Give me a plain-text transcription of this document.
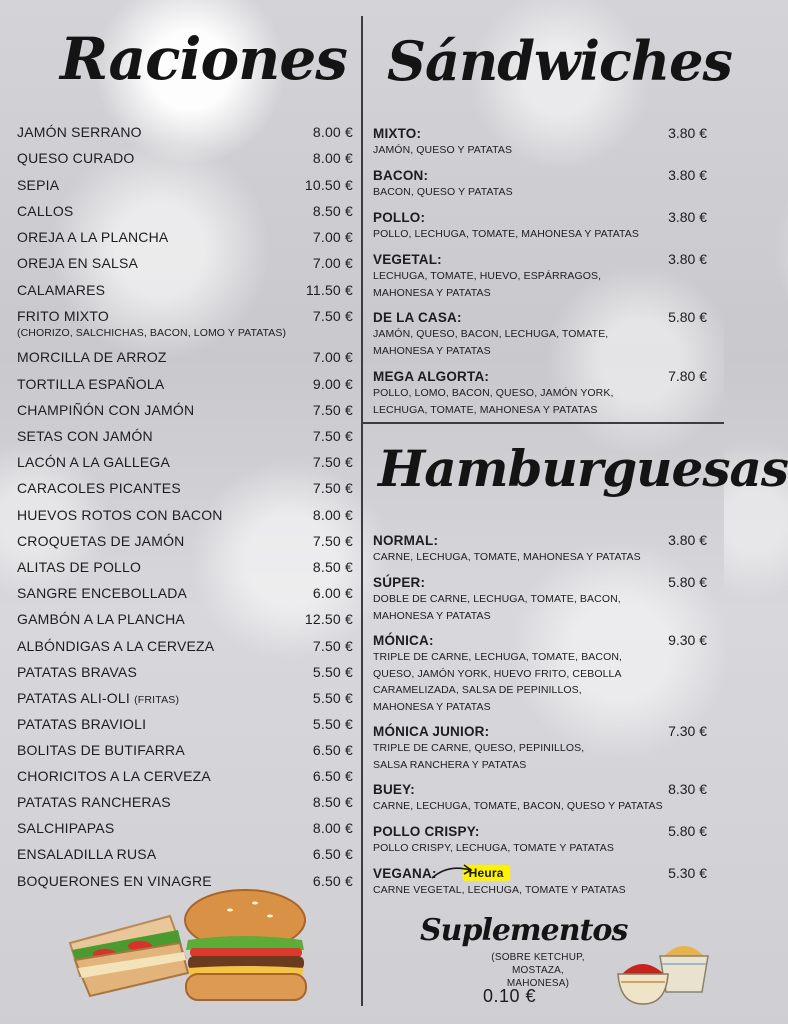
Raciones Sándwiches
Hamburguesas
Suplementos
JAMÓN SERRANO	8.00 €
QUESO CURADO	8.00 €
SEPIA	10.50 €
CALLOS	8.50 €
OREJA A LA PLANCHA	7.00 €
OREJA EN SALSA	7.00 €
CALAMARES	11.50 €
FRITO MIXTO	7.50 €
(CHORIZO, SALCHICHAS, BACON, LOMO Y PATATAS)
MORCILLA DE ARROZ	7.00 €
TORTILLA ESPAÑOLA	9.00 €
CHAMPIÑÓN CON JAMÓN	7.50 €
SETAS CON JAMÓN	7.50 €
LACÓN A LA GALLEGA	7.50 €
CARACOLES PICANTES	7.50 €
HUEVOS ROTOS CON BACON	8.00 €
CROQUETAS DE JAMÓN	7.50 €
ALITAS DE POLLO	8.50 €
SANGRE ENCEBOLLADA	6.00 €
GAMBÓN A LA PLANCHA	12.50 €
ALBÓNDIGAS A LA CERVEZA	7.50 €
PATATAS BRAVAS	5.50 €
PATATAS ALI-OLI (FRITAS)	5.50 €
PATATAS BRAVIOLI	5.50 €
BOLITAS DE BUTIFARRA	6.50 €
CHORICITOS A LA CERVEZA	6.50 €
PATATAS RANCHERAS	8.50 €
SALCHIPAPAS	8.00 €
ENSALADILLA RUSA	6.50 €
BOQUERONES EN VINAGRE	6.50 €
MIXTO:	3.80 €
JAMÓN, QUESO Y PATATAS
BACON:	3.80 €
BACON, QUESO Y PATATAS
POLLO:	3.80 €
POLLO, LECHUGA, TOMATE, MAHONESA Y PATATAS
VEGETAL:	3.80 €
LECHUGA, TOMATE, HUEVO, ESPÁRRAGOS, MAHONESA Y PATATAS
DE LA CASA:	5.80 €
JAMÓN, QUESO, BACON, LECHUGA, TOMATE, MAHONESA Y PATATAS
MEGA ALGORTA:	7.80 €
POLLO, LOMO, BACON, QUESO, JAMÓN YORK, LECHUGA, TOMATE, MAHONESA Y PATATAS
NORMAL:	3.80 €
CARNE, LECHUGA, TOMATE, MAHONESA Y PATATAS
SÚPER:	5.80 €
DOBLE DE CARNE, LECHUGA, TOMATE, BACON, MAHONESA Y PATATAS
MÓNICA:	9.30 €
TRIPLE DE CARNE, LECHUGA, TOMATE, BACON, QUESO, JAMÓN YORK, HUEVO FRITO, CEBOLLA CARAMELIZADA, SALSA DE PEPINILLOS, MAHONESA Y PATATAS
MÓNICA JUNIOR:	7.30 €
TRIPLE DE CARNE, QUESO, PEPINILLOS, SALSA RANCHERA Y PATATAS
BUEY:	8.30 €
CARNE, LECHUGA, TOMATE, BACON, QUESO Y PATATAS
POLLO CRISPY:	5.80 €
POLLO CRISPY, LECHUGA, TOMATE Y PATATAS
VEGANA:	Heura	5.30 €
CARNE VEGETAL, LECHUGA, TOMATE Y PATATAS
(SOBRE KETCHUP, MOSTAZA,
MAHONESA)
0.10 €
